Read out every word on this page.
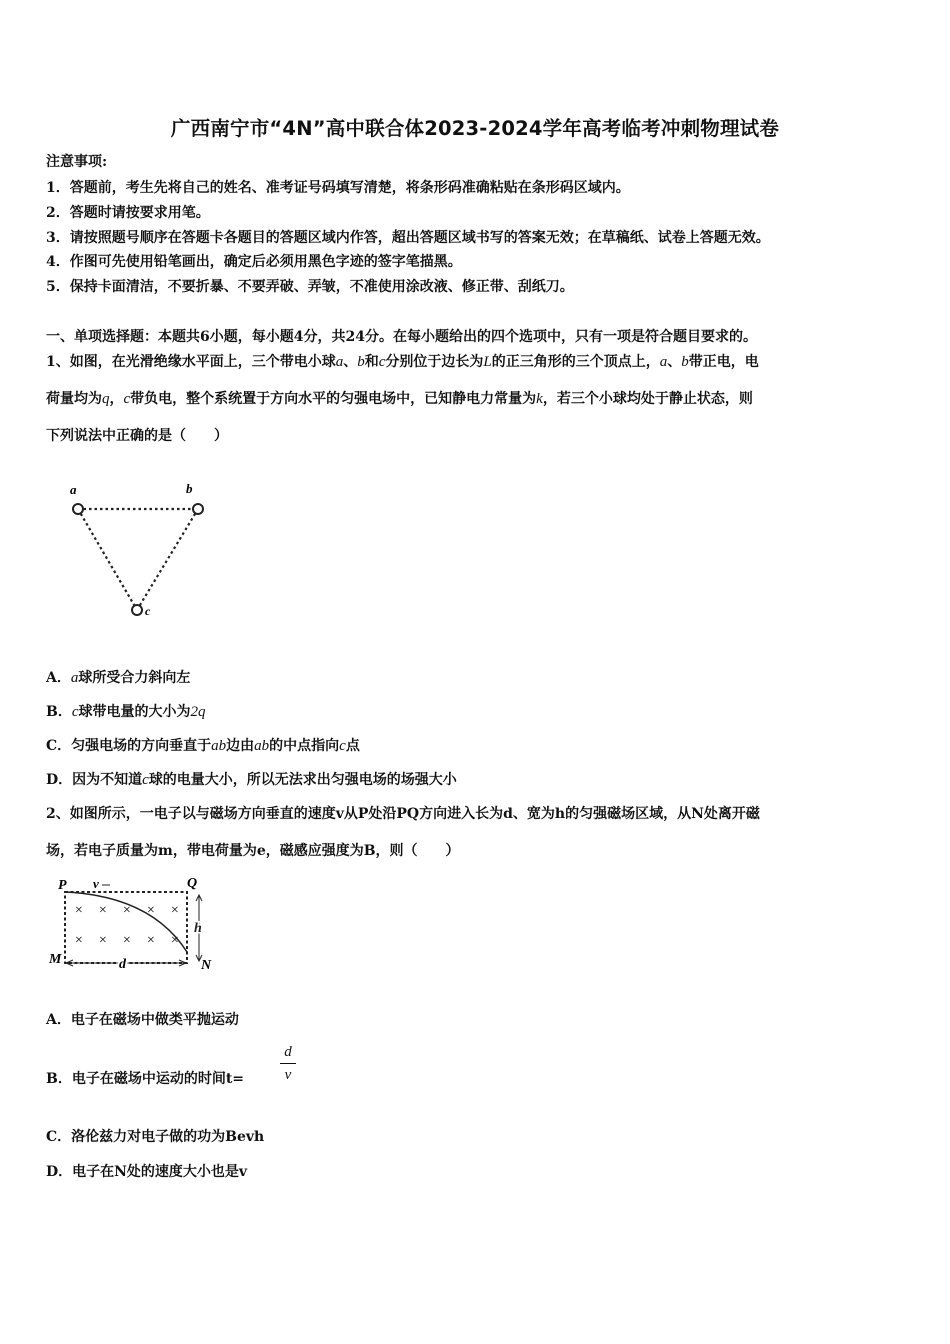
广西南宁市“4N”高中联合体2023-2024学年高考临考冲刺物理试卷
注意事项:
1．答题前，考生先将自己的姓名、准考证号码填写清楚，将条形码准确粘贴在条形码区域内。
2．答题时请按要求用笔。
3．请按照题号顺序在答题卡各题目的答题区域内作答，超出答题区域书写的答案无效；在草稿纸、试卷上答题无效。
4．作图可先使用铅笔画出，确定后必须用黑色字迹的签字笔描黑。
5．保持卡面清洁，不要折暴、不要弄破、弄皱，不准使用涂改液、修正带、刮纸刀。
一、单项选择题：本题共6小题，每小题4分，共24分。在每小题给出的四个选项中，只有一项是符合题目要求的。
1、如图，在光滑绝缘水平面上，三个带电小球a、b和c分别位于边长为L的正三角形的三个顶点上，a、b带正电，电
荷量均为q，c带负电，整个系统置于方向水平的匀强电场中，已知静电力常量为k，若三个小球均处于静止状态，则
下列说法中正确的是（　　）
a	b
c
A．a球所受合力斜向左
B．c球带电量的大小为2q
C．匀强电场的方向垂直于ab边由ab的中点指向c点
D．因为不知道c球的电量大小，所以无法求出匀强电场的场强大小
2、如图所示，一电子以与磁场方向垂直的速度v从P处沿PQ方向进入长为d、宽为h的匀强磁场区域，从N处离开磁
场，若电子质量为m，带电荷量为e，磁感应强度为B，则（　　）
P v	Q
h
M	N
d
× × × × ×
× × × × ×
A．电子在磁场中做类平抛运动
B．电子在磁场中运动的时间t=
d
v
C．洛伦兹力对电子做的功为Bevh
D．电子在N处的速度大小也是v
